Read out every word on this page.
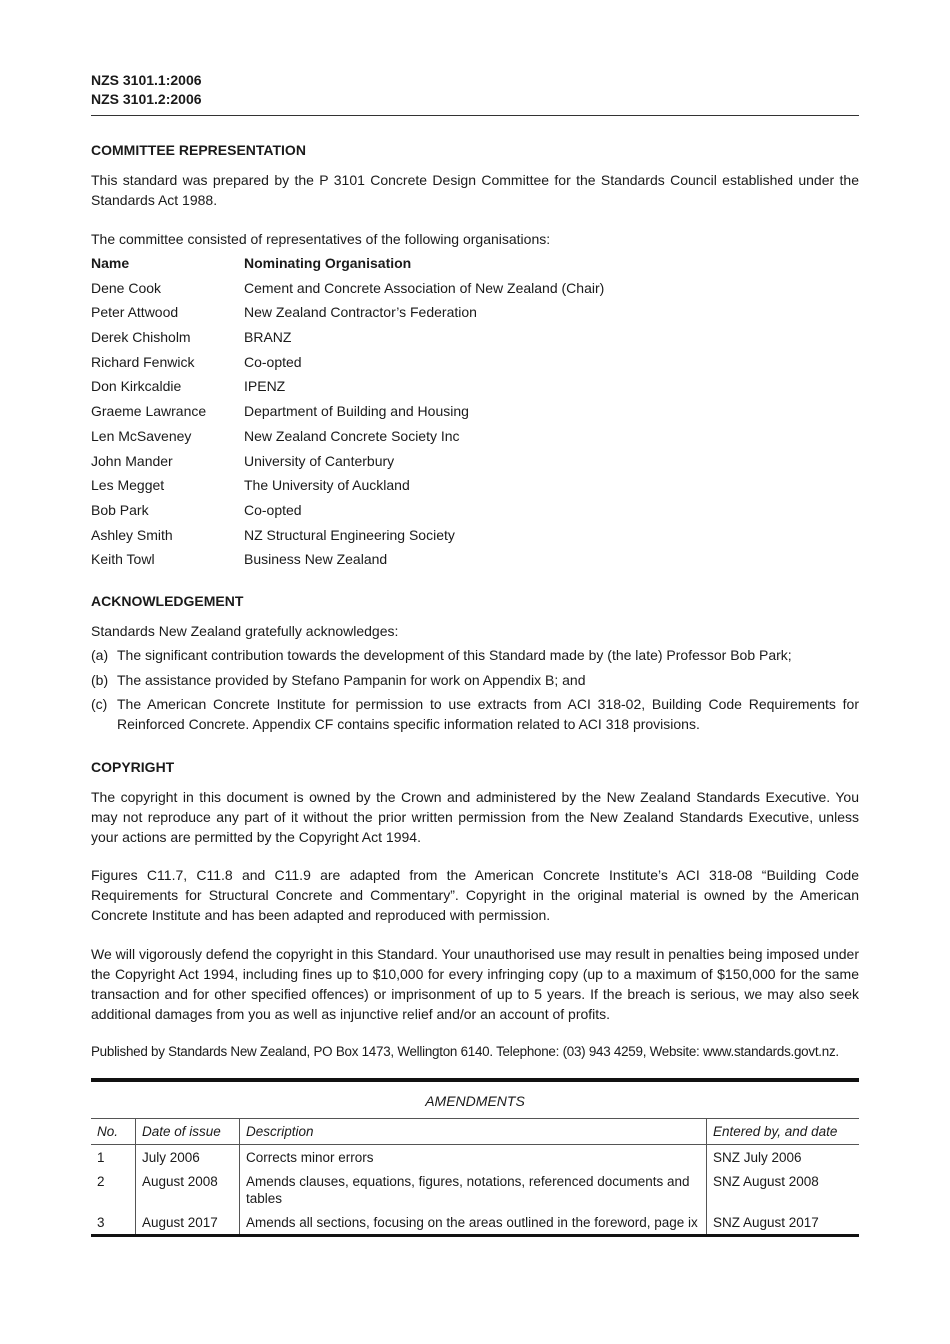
NZS 3101.1:2006
NZS 3101.2:2006
COMMITTEE REPRESENTATION
This standard was prepared by the P 3101 Concrete Design Committee for the Standards Council established under the Standards Act 1988.
The committee consisted of representatives of the following organisations:
Name	Nominating Organisation
Dene Cook	Cement and Concrete Association of New Zealand (Chair)
Peter Attwood	New Zealand Contractor’s Federation
Derek Chisholm	BRANZ
Richard Fenwick	Co-opted
Don Kirkcaldie	IPENZ
Graeme Lawrance	Department of Building and Housing
Len McSaveney	New Zealand Concrete Society Inc
John Mander	University of Canterbury
Les Megget	The University of Auckland
Bob Park	Co-opted
Ashley Smith	NZ Structural Engineering Society
Keith Towl	Business New Zealand
ACKNOWLEDGEMENT
Standards New Zealand gratefully acknowledges:
(a) The significant contribution towards the development of this Standard made by (the late) Professor Bob Park;
(b) The assistance provided by Stefano Pampanin for work on Appendix B; and
(c) The American Concrete Institute for permission to use extracts from ACI 318-02, Building Code Requirements for Reinforced Concrete. Appendix CF contains specific information related to ACI 318 provisions.
COPYRIGHT
The copyright in this document is owned by the Crown and administered by the New Zealand Standards Executive. You may not reproduce any part of it without the prior written permission from the New Zealand Standards Executive, unless your actions are permitted by the Copyright Act 1994.
Figures C11.7, C11.8 and C11.9 are adapted from the American Concrete Institute’s ACI 318-08 “Building Code Requirements for Structural Concrete and Commentary”. Copyright in the original material is owned by the American Concrete Institute and has been adapted and reproduced with permission.
We will vigorously defend the copyright in this Standard. Your unauthorised use may result in penalties being imposed under the Copyright Act 1994, including fines up to $10,000 for every infringing copy (up to a maximum of $150,000 for the same transaction and for other specified offences) or imprisonment of up to 5 years. If the breach is serious, we may also seek additional damages from you as well as injunctive relief and/or an account of profits.
Published by Standards New Zealand, PO Box 1473, Wellington 6140. Telephone: (03) 943 4259, Website: www.standards.govt.nz.
AMENDMENTS
No.	Date of issue	Description	Entered by, and date
1	July 2006	Corrects minor errors	SNZ July 2006
2	August 2008	Amends clauses, equations, figures, notations, referenced documents and tables	SNZ August 2008
3	August 2017	Amends all sections, focusing on the areas outlined in the foreword, page ix	SNZ August 2017
